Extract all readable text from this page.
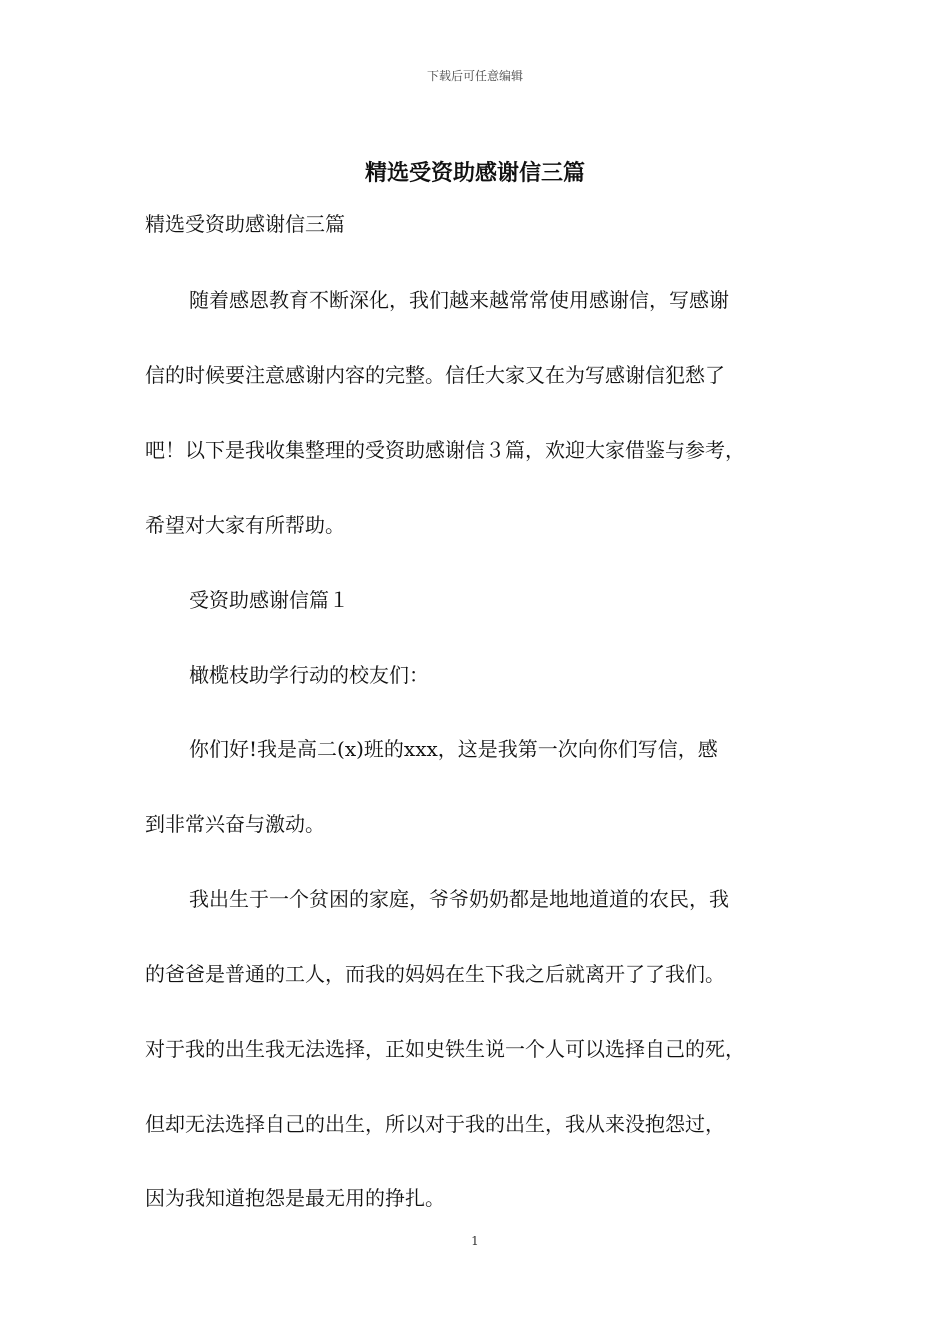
下载后可任意编辑
精选受资助感谢信三篇
精选受资助感谢信三篇
随着感恩教育不断深化，我们越来越常常使用感谢信，写感谢
信的时候要注意感谢内容的完整。信任大家又在为写感谢信犯愁了
吧！以下是我收集整理的受资助感谢信３篇，欢迎大家借鉴与参考，
希望对大家有所帮助。
受资助感谢信篇１
橄榄枝助学行动的校友们：
你们好!我是高二(x)班的xxx，这是我第一次向你们写信，感
到非常兴奋与激动。
我出生于一个贫困的家庭，爷爷奶奶都是地地道道的农民，我
的爸爸是普通的工人，而我的妈妈在生下我之后就离开了了我们。
对于我的出生我无法选择，正如史铁生说一个人可以选择自己的死，
但却无法选择自己的出生，所以对于我的出生，我从来没抱怨过，
因为我知道抱怨是最无用的挣扎。
1
